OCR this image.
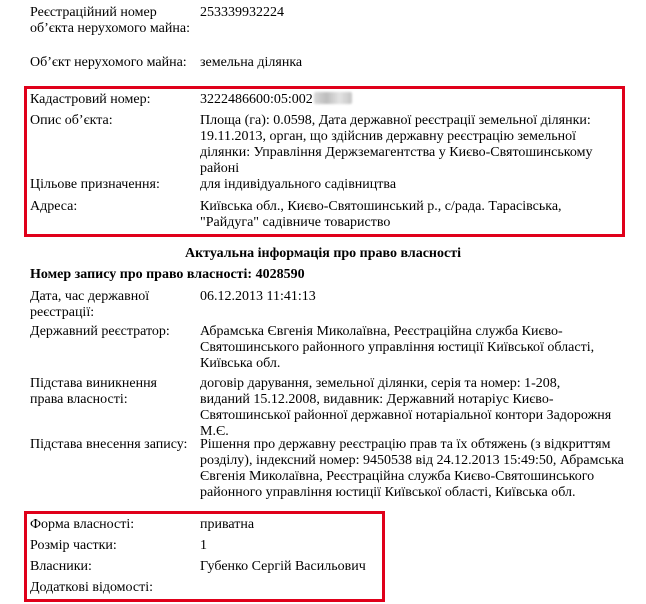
Реєстраційний номер об’єкта нерухомого майна:
253339932224
Об’єкт нерухомого майна: земельна ділянка
Кадастровий номер:	3222486600:05:002
Опис об’єкта:	Площа (га): 0.0598, Дата державної реєстрації земельної ділянки: 19.11.2013, орган, що здійснив державну реєстрацію земельної ділянки: Управління Держземагентства у Києво-Святошинському районі
Цільове призначення:	для індивідуального садівництва
Адреса:	Київська обл., Києво-Святошинський р., с/рада. Тарасівська, "Райдуга" садівниче товариство
Актуальна інформація про право власності
Номер запису про право власності: 4028590
Дата, час державної реєстрації:
06.12.2013 11:41:13
Державний реєстратор:	Абрамська Євгенія Миколаївна, Реєстраційна служба Києво-Святошинського районного управління юстиції Київської області, Київська обл.
Підстава виникнення права власності:
договір дарування, земельної ділянки, серія та номер: 1-208, виданий 15.12.2008, видавник: Державний нотаріус Києво-Святошинської районної державної нотаріальної контори Задорожня М.Є.
Підстава внесення запису: Рішення про державну реєстрацію прав та їх обтяжень (з відкриттям розділу), індексний номер: 9450538 від 24.12.2013 15:49:50, Абрамська Євгенія Миколаївна, Реєстраційна служба Києво-Святошинського районного управління юстиції Київської області, Київська обл.
Форма власності:	приватна
Розмір частки:	1
Власники:	Губенко Сергій Васильович
Додаткові відомості:
